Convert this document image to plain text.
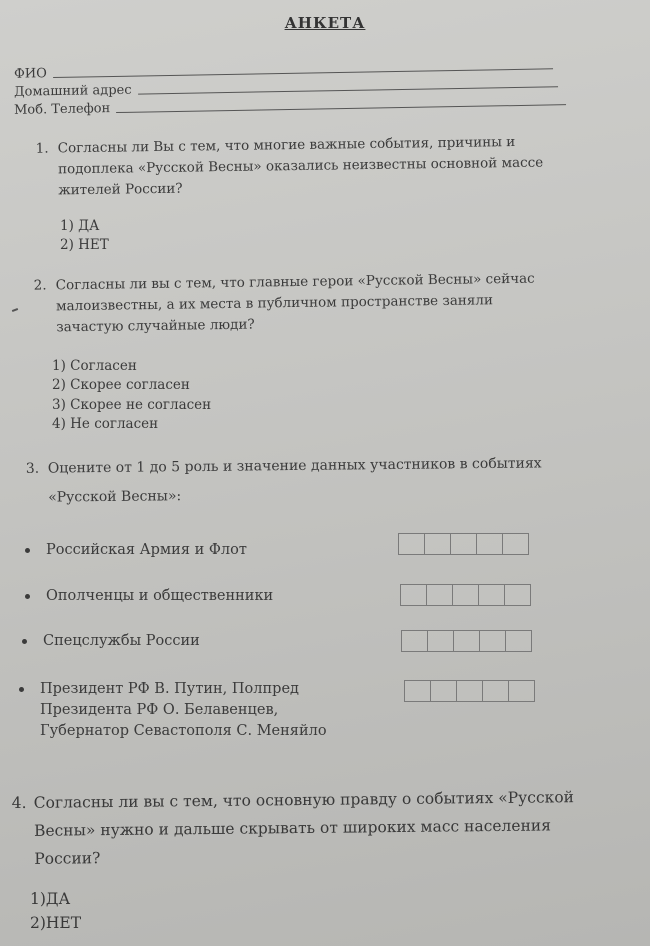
АНКЕТА
ФИО
Домашний адрес
Моб. Телефон
1. Согласны ли Вы с тем, что многие важные события, причины и
подоплека «Русской Весны» оказались неизвестны основной массе
жителей России?
1) ДА
2) НЕТ
2. Согласны ли вы с тем, что главные герои «Русской Весны» сейчас
малоизвестны, а их места в публичном пространстве заняли
зачастую случайные люди?
1) Согласен
2) Скорее согласен
3) Скорее не согласен
4) Не согласен
3. Оцените от 1 до 5 роль и значение данных участников в событиях
«Русской Весны»:
Российская Армия и Флот
Ополченцы и общественники
Спецслужбы России
Президент РФ В. Путин, Полпред
Президента РФ О. Белавенцев,
Губернатор Севастополя С. Меняйло
4. Согласны ли вы с тем, что основную правду о событиях «Русской
Весны» нужно и дальше скрывать от широких масс населения
России?
1)ДА
2)НЕТ
